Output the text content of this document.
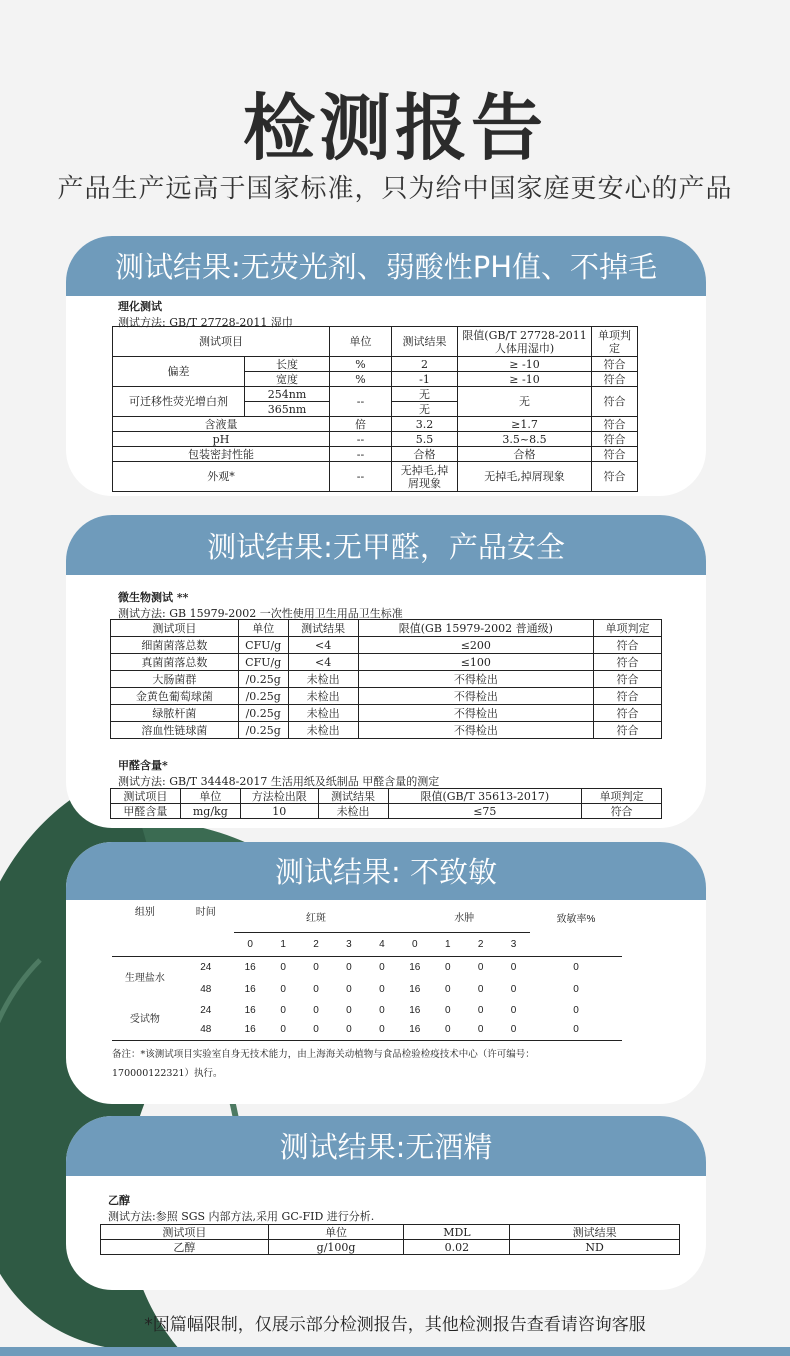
检测报告
产品生产远高于国家标准，只为给中国家庭更安心的产品
测试结果:无荧光剂、弱酸性PH值、不掉毛
理化测试
测试方法: GB/T 27728-2011 湿巾
测试项目		单位	测试结果	限值(GB/T 27728-2011 人体用湿巾)	单项判定
偏差	长度	%	2	≥ -10	符合
	宽度	%	-1	≥ -10	符合
可迁移性荧光增白剂	254nm	--	无	无	符合
	365nm		无		
含液量		倍	3.2	≥1.7	符合
pH		--	5.5	3.5~8.5	符合
包装密封性能		--	合格	合格	符合
外观*		--	无掉毛,掉屑现象	无掉毛,掉屑现象	符合
测试结果:无甲醛，产品安全
微生物测试 **
测试方法: GB 15979-2002 一次性使用卫生用品卫生标准
测试项目	单位	测试结果	限值(GB 15979-2002 普通级)	单项判定
细菌菌落总数	CFU/g	<4	≤200	符合
真菌菌落总数	CFU/g	<4	≤100	符合
大肠菌群	/0.25g	未检出	不得检出	符合
金黄色葡萄球菌	/0.25g	未检出	不得检出	符合
绿脓杆菌	/0.25g	未检出	不得检出	符合
溶血性链球菌	/0.25g	未检出	不得检出	符合
甲醛含量*
测试方法: GB/T 34448-2017 生活用纸及纸制品 甲醛含量的测定
测试项目	单位	方法检出限	测试结果	限值(GB/T 35613-2017)	单项判定
甲醛含量	mg/kg	10	未检出	≤75	符合
测试结果: 不致敏
组别	时间	红斑					水肿				致敏率%
		0	1	2	3	4	0	1	2	3	
生理盐水	24	16	0	0	0	0	16	0	0	0	0
	48	16	0	0	0	0	16	0	0	0	0
受试物	24	16	0	0	0	0	16	0	0	0	0
	48	16	0	0	0	0	16	0	0	0	0
备注：*该测试项目实验室自身无技术能力，由上海海关动植物与食品检验检疫技术中心（许可编号：
170000122321）执行。
测试结果:无酒精
乙醇
测试方法:参照 SGS 内部方法,采用 GC-FID 进行分析.
测试项目	单位	MDL	测试结果
乙醇	g/100g	0.02	ND
*因篇幅限制，仅展示部分检测报告，其他检测报告查看请咨询客服
